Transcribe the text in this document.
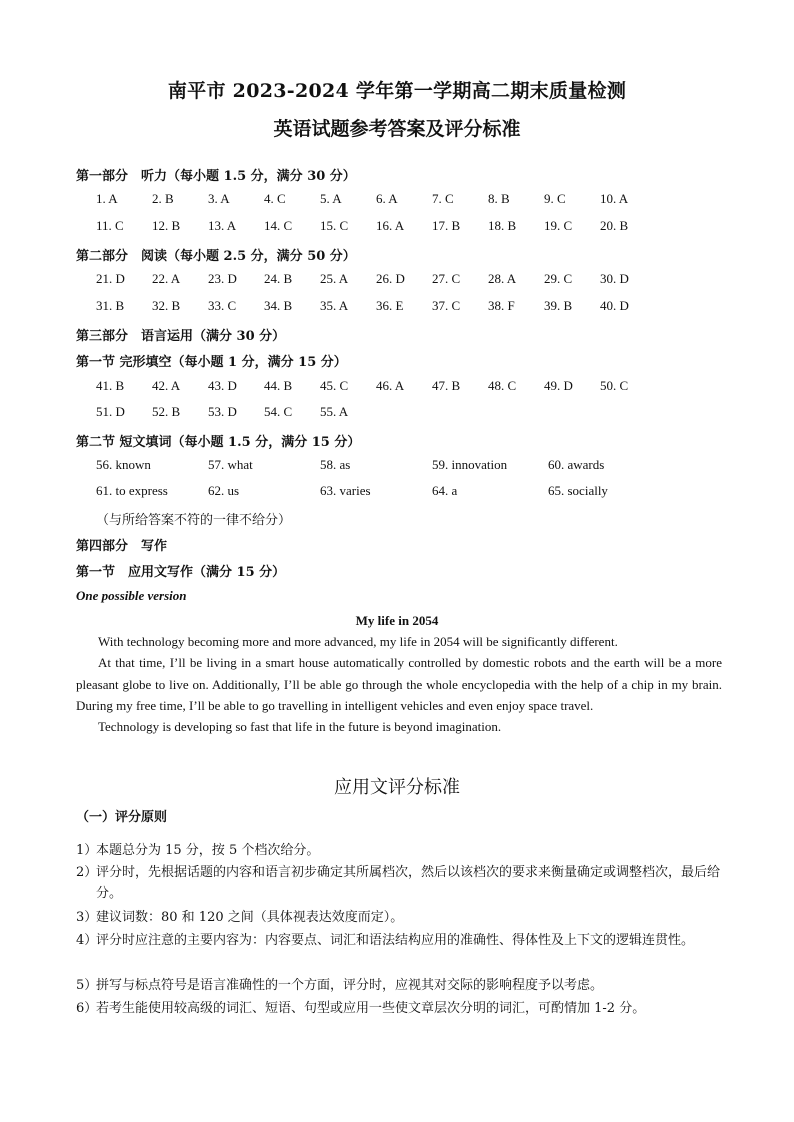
南平市 2023-2024 学年第一学期高二期末质量检测
英语试题参考答案及评分标准
第一部分　听力（每小题 1.5 分，满分 30 分）
1. A	2. B	3. A	4. C	5. A	6. A	7. C	8. B	9. C	10. A
11. C 12. B 13. A 14. C 15. C 16. A 17. B 18. B 19. C 20. B
第二部分　阅读（每小题 2.5 分，满分 50 分）
21. D 22. A 23. D 24. B 25. A 26. D 27. C 28. A 29. C 30. D
31. B 32. B 33. C 34. B 35. A 36. E 37. C 38. F 39. B 40. D
第三部分　语言运用（满分 30 分）
第一节 完形填空（每小题 1 分，满分 15 分）
41. B 42. A 43. D 44. B 45. C 46. A 47. B 48. C 49. D 50. C
51. D 52. B 53. D 54. C 55. A
第二节 短文填词（每小题 1.5 分，满分 15 分）
56. known	57. what	58. as	59. innovation	60. awards
61. to express	62. us	63. varies	64. a	65. socially
（与所给答案不符的一律不给分）
第四部分　写作
第一节　应用文写作（满分 15 分）
One possible version
My life in 2054

With technology becoming more and more advanced, my life in 2054 will be significantly different.

At that time, I’ll be living in a smart house automatically controlled by domestic robots and the earth will be a more pleasant globe to live on. Additionally, I’ll be able go through the whole encyclopedia with the help of a chip in my brain. During my free time, I’ll be able to go travelling in intelligent vehicles and even enjoy space travel.

Technology is developing so fast that life in the future is beyond imagination.

应用文评分标准
（一）评分原则
1）
本题总分为 15 分，按 5 个档次给分。
2）
评分时，先根据话题的内容和语言初步确定其所属档次，然后以该档次的要求来衡量确定或调整档次，最后给分。
3）
建议词数：80 和 120 之间（具体视表达效度而定）。
4）
评分时应注意的主要内容为：内容要点、词汇和语法结构应用的准确性、得体性及上下文的逻辑连贯性。
5）
拼写与标点符号是语言准确性的一个方面，评分时，应视其对交际的影响程度予以考虑。
6）
若考生能使用较高级的词汇、短语、句型或应用一些使文章层次分明的词汇，可酌情加 1-2 分。
